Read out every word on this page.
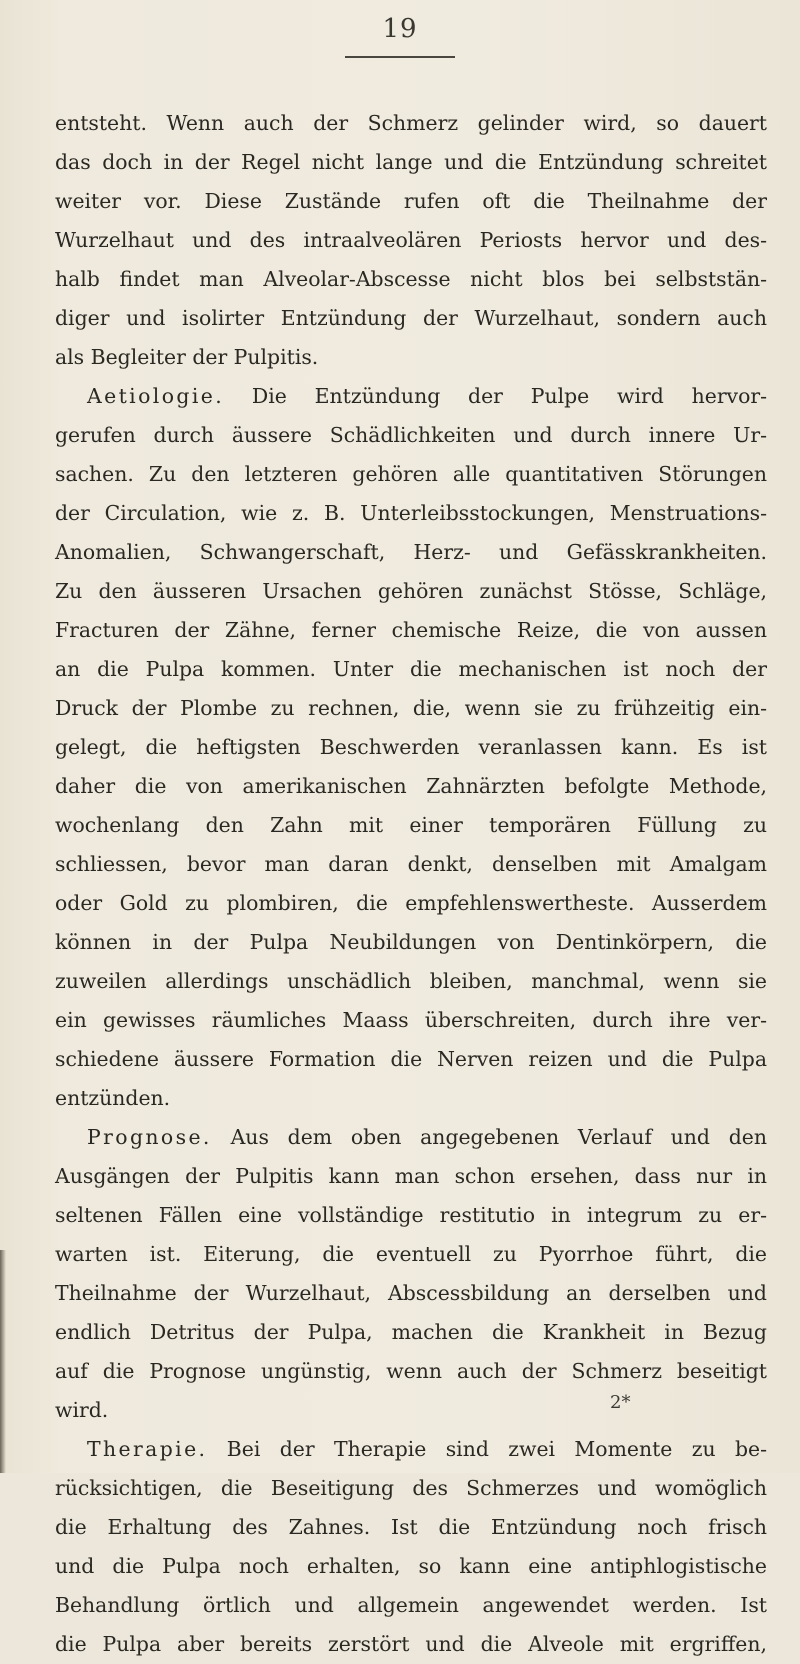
19
entsteht. Wenn auch der Schmerz gelinder wird, so dauert
das doch in der Regel nicht lange und die Entzündung schreitet
weiter vor. Diese Zustände rufen oft die Theilnahme der
Wurzelhaut und des intraalveolären Periosts hervor und des-
halb findet man Alveolar-Abscesse nicht blos bei selbststän-
diger und isolirter Entzündung der Wurzelhaut, sondern auch
als Begleiter der Pulpitis.
Aetiologie. Die Entzündung der Pulpe wird hervor-
gerufen durch äussere Schädlichkeiten und durch innere Ur-
sachen. Zu den letzteren gehören alle quantitativen Störungen
der Circulation, wie z. B. Unterleibsstockungen, Menstruations-
Anomalien, Schwangerschaft, Herz- und Gefässkrankheiten.
Zu den äusseren Ursachen gehören zunächst Stösse, Schläge,
Fracturen der Zähne, ferner chemische Reize, die von aussen
an die Pulpa kommen. Unter die mechanischen ist noch der
Druck der Plombe zu rechnen, die, wenn sie zu frühzeitig ein-
gelegt, die heftigsten Beschwerden veranlassen kann. Es ist
daher die von amerikanischen Zahnärzten befolgte Methode,
wochenlang den Zahn mit einer temporären Füllung zu
schliessen, bevor man daran denkt, denselben mit Amalgam
oder Gold zu plombiren, die empfehlenswertheste. Ausserdem
können in der Pulpa Neubildungen von Dentinkörpern, die
zuweilen allerdings unschädlich bleiben, manchmal, wenn sie
ein gewisses räumliches Maass überschreiten, durch ihre ver-
schiedene äussere Formation die Nerven reizen und die Pulpa
entzünden.
Prognose. Aus dem oben angegebenen Verlauf und den
Ausgängen der Pulpitis kann man schon ersehen, dass nur in
seltenen Fällen eine vollständige restitutio in integrum zu er-
warten ist. Eiterung, die eventuell zu Pyorrhoe führt, die
Theilnahme der Wurzelhaut, Abscessbildung an derselben und
endlich Detritus der Pulpa, machen die Krankheit in Bezug
auf die Prognose ungünstig, wenn auch der Schmerz beseitigt
wird.
Therapie. Bei der Therapie sind zwei Momente zu be-
rücksichtigen, die Beseitigung des Schmerzes und womöglich
die Erhaltung des Zahnes. Ist die Entzündung noch frisch
und die Pulpa noch erhalten, so kann eine antiphlogistische
Behandlung örtlich und allgemein angewendet werden. Ist
die Pulpa aber bereits zerstört und die Alveole mit ergriffen,
2*
